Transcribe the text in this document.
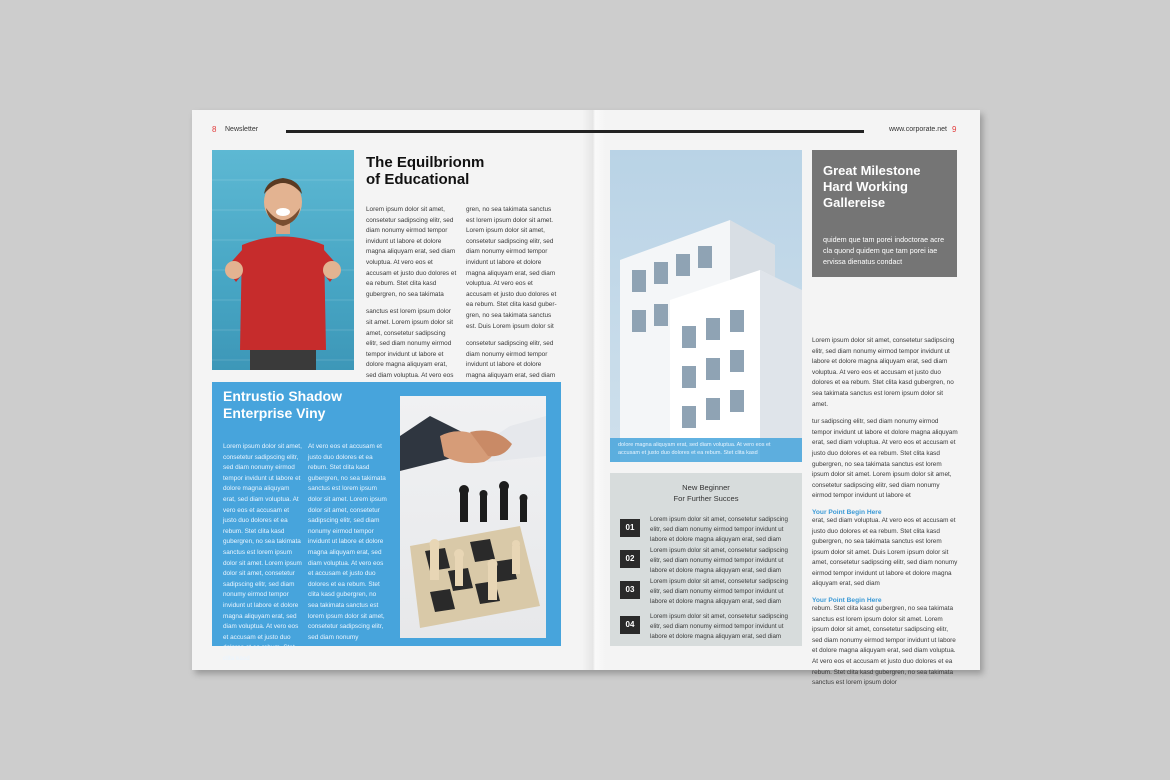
8 Newsletter	www.corporate.net 9
The Equilbrionm
of Educational

Lorem ipsum dolor sit amet, consetetur sadipscing elitr, sed diam nonumy eirmod tempor invidunt ut labore et dolore magna aliquyam erat, sed diam voluptua. At vero eos et accusam et justo duo dolores et ea rebum. Stet clita kasd gubergren, no sea takimata

sanctus est lorem ipsum dolor sit amet. Lorem ipsum dolor sit amet, consetetur sadipscing elitr, sed diam nonumy eirmod tempor invidunt ut labore et dolore magna aliquyam erat, sed diam voluptua. At vero eos

gren, no sea takimata sanctus est lorem ipsum dolor sit amet. Lorem ipsum dolor sit amet, consetetur sadipscing elitr, sed diam nonumy eirmod tempor invidunt ut labore et dolore magna aliquyam erat, sed diam voluptua. At vero eos et accusam et justo duo dolores et ea rebum. Stet clita kasd guber-gren, no sea takimata sanctus est. Duis Lorem ipsum dolor sit

consetetur sadipscing elitr, sed diam nonumy eirmod tempor invidunt ut labore et dolore magna aliquyam erat, sed diam

Entrustio Shadow
Enterprise Viny

Lorem ipsum dolor sit amet, consetetur sadipscing elitr, sed diam nonumy eirmod tempor invidunt ut labore et dolore magna aliquyam erat, sed diam voluptua. At vero eos et accusam et justo duo dolores et ea rebum. Stet clita kasd gubergren, no sea takimata sanctus est lorem ipsum dolor sit amet. Lorem ipsum dolor sit amet, consetetur sadipscing elitr, sed diam nonumy eirmod tempor invidunt ut labore et dolore magna aliquyam erat, sed diam voluptua. At vero eos et accusam et justo duo dolores et ea rebum. Stet clita kasd

At vero eos et accusam et justo duo dolores et ea rebum. Stet clita kasd gubergren, no sea takimata sanctus est lorem ipsum dolor sit amet. Lorem ipsum dolor sit amet, consetetur sadipscing elitr, sed diam nonumy eirmod tempor invidunt ut labore et dolore magna aliquyam erat, sed diam voluptua. At vero eos et accusam et justo duo dolores et ea rebum. Stet clita kasd gubergren, no sea takimata sanctus est lorem ipsum dolor sit amet, consetetur sadipscing elitr, sed diam nonumy

dolore magna aliquyam erat, sed diam voluptua. At vero eos et accusam et justo duo dolores et ea rebum. Stet clita kasd
Great Milestone
Hard Working
Gallereise
quidem que tam porei indoctorae acre cla quond quidem que tam porei iae ervissa dienatus condact
New Beginner
For Further Succes
01
Lorem ipsum dolor sit amet, consetetur sadipscing elitr, sed diam nonumy eirmod tempor invidunt ut labore et dolore magna aliquyam erat, sed diam
02
Lorem ipsum dolor sit amet, consetetur sadipscing elitr, sed diam nonumy eirmod tempor invidunt ut labore et dolore magna aliquyam erat, sed diam
03
Lorem ipsum dolor sit amet, consetetur sadipscing elitr, sed diam nonumy eirmod tempor invidunt ut labore et dolore magna aliquyam erat, sed diam
04
Lorem ipsum dolor sit amet, consetetur sadipscing elitr, sed diam nonumy eirmod tempor invidunt ut labore et dolore magna aliquyam erat, sed diam

Lorem ipsum dolor sit amet, consetetur sadipscing elitr, sed diam nonumy eirmod tempor invidunt ut labore et dolore magna aliquyam erat, sed diam voluptua. At vero eos et accusam et justo duo dolores et ea rebum. Stet clita kasd gubergren, no sea takimata sanctus est lorem ipsum dolor sit amet.

tur sadipscing elitr, sed diam nonumy eirmod tempor invidunt ut labore et dolore magna aliquyam erat, sed diam voluptua. At vero eos et accusam et justo duo dolores et ea rebum. Stet clita kasd gubergren, no sea takimata sanctus est lorem ipsum dolor sit amet. Lorem ipsum dolor sit amet, consetetur sadipscing elitr, sed diam nonumy eirmod tempor invidunt ut labore et

Your Point Begin Here

erat, sed diam voluptua. At vero eos et accusam et justo duo dolores et ea rebum. Stet clita kasd gubergren, no sea takimata sanctus est lorem ipsum dolor sit amet. Duis Lorem ipsum dolor sit amet, consetetur sadipscing elitr, sed diam nonumy eirmod tempor invidunt ut labore et dolore magna aliquyam erat, sed diam

Your Point Begin Here

rebum. Stet clita kasd gubergren, no sea takimata sanctus est lorem ipsum dolor sit amet. Lorem ipsum dolor sit amet, consetetur sadipscing elitr, sed diam nonumy eirmod tempor invidunt ut labore et dolore magna aliquyam erat, sed diam voluptua. At vero eos et accusam et justo duo dolores et ea rebum. Stet clita kasd gubergren, no sea takimata sanctus est lorem ipsum dolor
